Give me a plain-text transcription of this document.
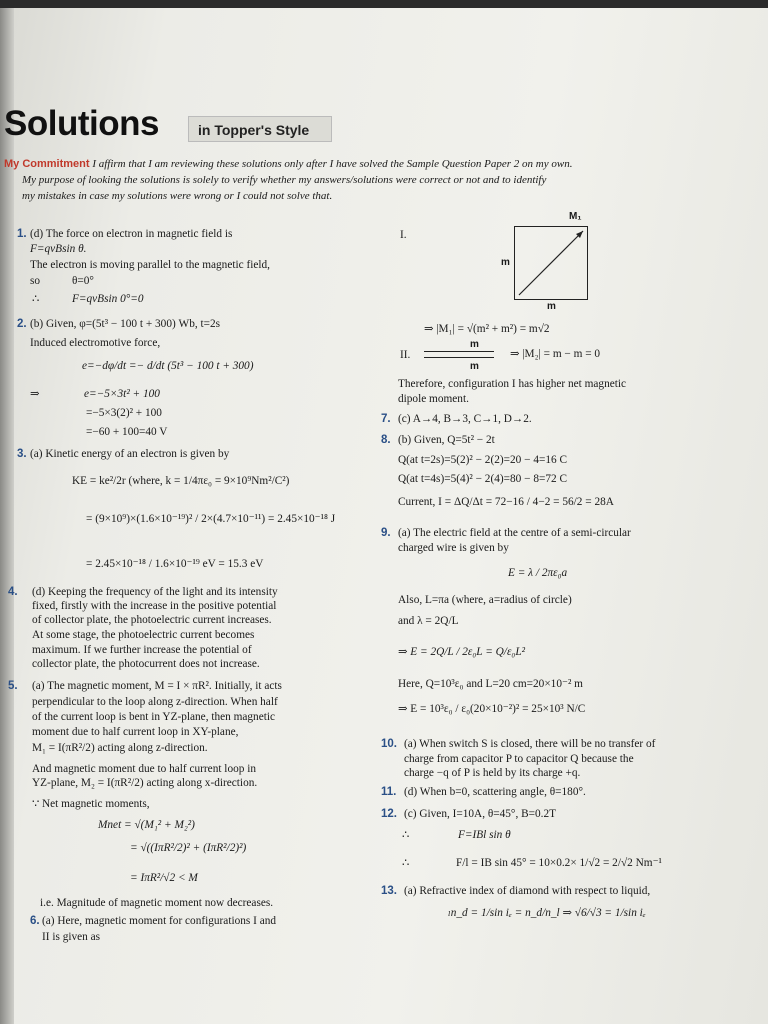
Solutions	in Topper's Style
My Commitment I affirm that I am reviewing these solutions only after I have solved the Sample Question Paper 2 on my own.
My purpose of looking the solutions is solely to verify whether my answers/solutions were correct or not and to identify
my mistakes in case my solutions were wrong or I could not solve that.
1. (d) The force on electron in magnetic field is
F=qvBsin θ.
The electron is moving parallel to the magnetic field,
so	θ=0°
∴	F=qvBsin 0°=0
2. (b) Given, φ=(5t³ − 100 t + 300) Wb, t=2s
Induced electromotive force,
e=−dφ/dt =− d/dt (5t³ − 100 t + 300)
⇒	e=−5×3t² + 100
=−5×3(2)² + 100
=−60 + 100=40 V
3. (a) Kinetic energy of an electron is given by
KE = ke²/2r (where, k = 1/4πε₀ = 9×10⁹Nm²/C²)
= (9×10⁹)×(1.6×10⁻¹⁹)² / 2×(4.7×10⁻¹¹) = 2.45×10⁻¹⁸ J
= 2.45×10⁻¹⁸ / 1.6×10⁻¹⁹ eV = 15.3 eV
4. (d) Keeping the frequency of the light and its intensity
fixed, firstly with the increase in the positive potential
of collector plate, the photoelectric current increases.
At some stage, the photoelectric current becomes
maximum. If we further increase the potential of
collector plate, the photocurrent does not increase.
5. (a) The magnetic moment, M = I × πR². Initially, it acts
perpendicular to the loop along z-direction. When half
of the current loop is bent in YZ-plane, then magnetic
moment due to half current loop in XY-plane,
M₁ = I(πR²/2) acting along z-direction.
And magnetic moment due to half current loop in
YZ-plane, M₂ = I(πR²/2) acting along x-direction.
∵ Net magnetic moments,
Mnet = √(M₁² + M₂²)
= √((IπR²/2)² + (IπR²/2)²)
= IπR²/√2 < M
i.e. Magnitude of magnetic moment now decreases.
6. (a) Here, magnetic moment for configurations I and
II is given as
I.
M₁
m
m
⇒ |M₁| = √(m² + m²) = m√2
II.
m
m
⇒ |M₂| = m − m = 0
Therefore, configuration I has higher net magnetic
dipole moment.
7. (c) A→4, B→3, C→1, D→2.
8. (b) Given, Q=5t² − 2t
Q(at t=2s)=5(2)² − 2(2)=20 − 4=16 C
Q(at t=4s)=5(4)² − 2(4)=80 − 8=72 C
Current, I = ΔQ/Δt = 72−16 / 4−2 = 56/2 = 28A
9. (a) The electric field at the centre of a semi-circular
charged wire is given by
E = λ / 2πε₀a
Also, L=πa (where, a=radius of circle)
and λ = 2Q/L
⇒ E = 2Q/L / 2ε₀L = Q/ε₀L²
Here, Q=10³ε₀ and L=20 cm=20×10⁻² m
⇒ E = 10³ε₀ / ε₀(20×10⁻²)² = 25×10³ N/C
10. (a) When switch S is closed, there will be no transfer of
charge from capacitor P to capacitor Q because the
charge −q of P is held by its charge +q.
11. (d) When b=0, scattering angle, θ=180°.
12. (c) Given, I=10A, θ=45°, B=0.2T
∴	F=IBl sin θ
∴	F/l = IB sin 45° = 10×0.2× 1/√2 = 2/√2 Nm⁻¹
13. (a) Refractive index of diamond with respect to liquid,
ₗn_d = 1/sin iₑ = n_d/n_l ⇒ √6/√3 = 1/sin iₑ
